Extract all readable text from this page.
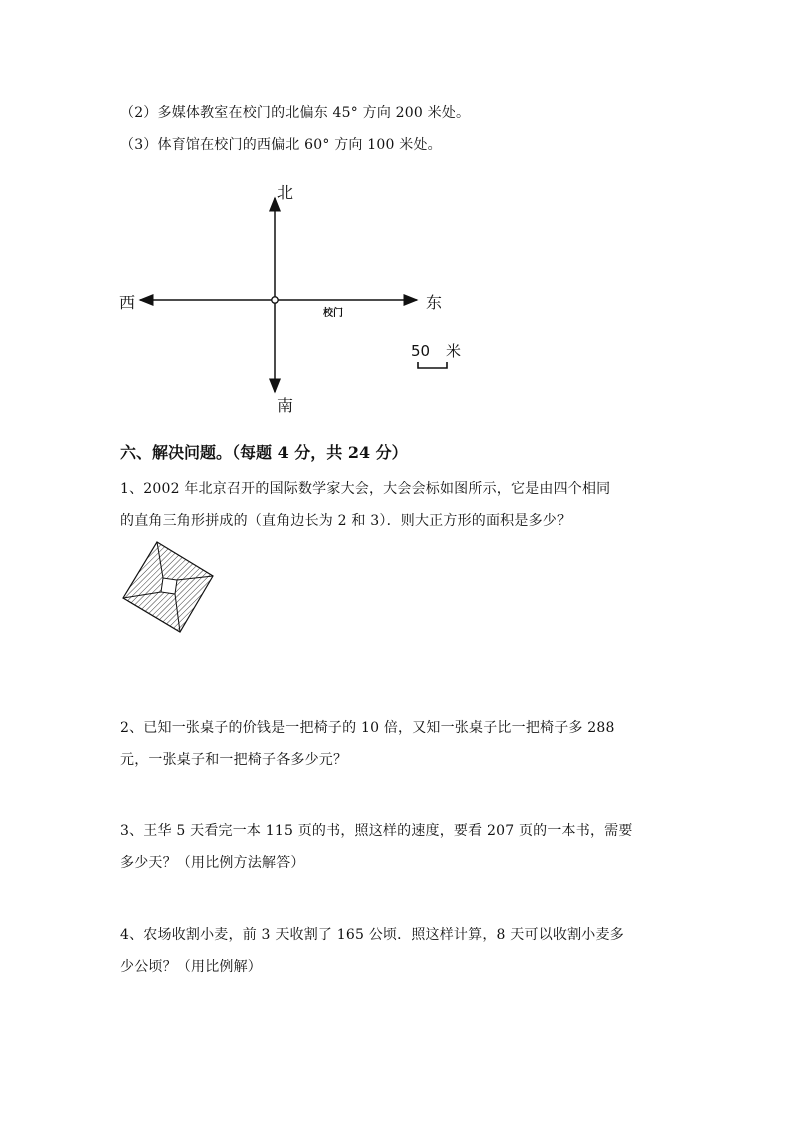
（2）多媒体教室在校门的北偏东 45° 方向 200 米处。
（3）体育馆在校门的西偏北 60° 方向 100 米处。
北
南
东
西
校门
50 米
六、解决问题。（每题 4 分，共 24 分）
1、2002 年北京召开的国际数学家大会，大会会标如图所示，它是由四个相同
的直角三角形拼成的（直角边长为 2 和 3）．则大正方形的面积是多少？
2、已知一张桌子的价钱是一把椅子的 10 倍，又知一张桌子比一把椅子多 288
元，一张桌子和一把椅子各多少元？
3、王华 5 天看完一本 115 页的书，照这样的速度，要看 207 页的一本书，需要
多少天？（用比例方法解答）
4、农场收割小麦，前 3 天收割了 165 公顷．照这样计算，8 天可以收割小麦多
少公顷？（用比例解）
